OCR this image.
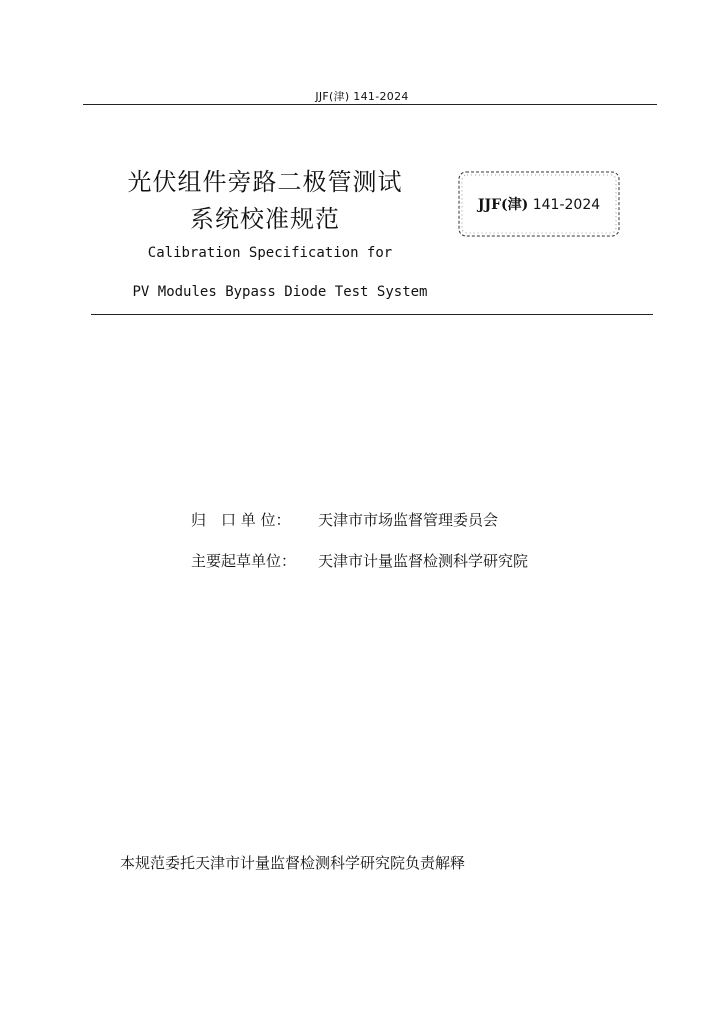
JJF(津) 141-2024
光伏组件旁路二极管测试
系统校准规范	JJF(津) 141-2024
Calibration Specification for
PV Modules Bypass Diode Test System
归　口 单 位： 天津市市场监督管理委员会
主要起草单位： 天津市计量监督检测科学研究院
本规范委托天津市计量监督检测科学研究院负责解释
